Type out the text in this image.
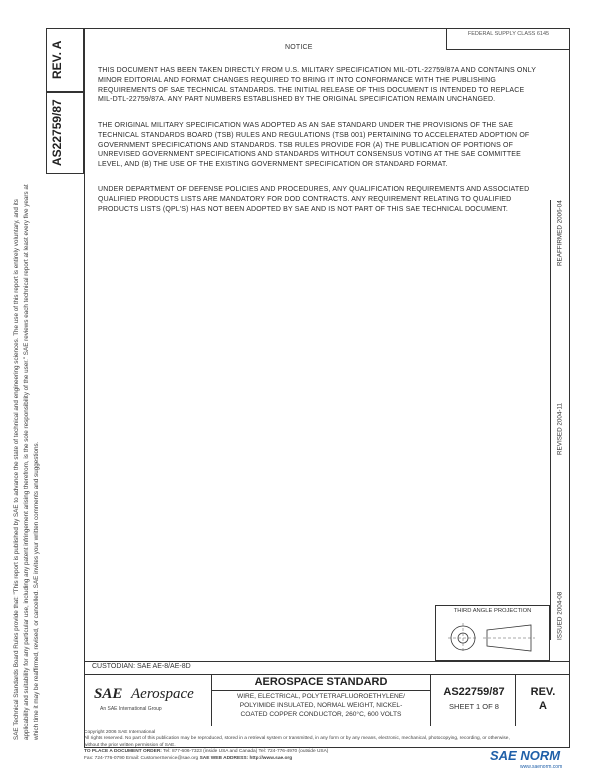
REV. A
AS22759/87
SAE Technical Standards Board Rules provide that: "This report is published by SAE to advance the state of technical and engineering sciences. The use of this report is entirely voluntary, and its applicability and suitability for any particular use, including any patent infringement arising therefrom, is the sole responsibility of the user." SAE reviews each technical report at least every five years at which time it may be reaffirmed, revised, or cancelled. SAE invites your written comments and suggestions.
FEDERAL SUPPLY CLASS 6145
NOTICE
THIS DOCUMENT HAS BEEN TAKEN DIRECTLY FROM U.S. MILITARY SPECIFICATION MIL-DTL-22759/87A AND CONTAINS ONLY MINOR EDITORIAL AND FORMAT CHANGES REQUIRED TO BRING IT INTO CONFORMANCE WITH THE PUBLISHING REQUIREMENTS OF SAE TECHNICAL STANDARDS. THE INITIAL RELEASE OF THIS DOCUMENT IS INTENDED TO REPLACE MIL-DTL-22759/87A. ANY PART NUMBERS ESTABLISHED BY THE ORIGINAL SPECIFICATION REMAIN UNCHANGED.
THE ORIGINAL MILITARY SPECIFICATION WAS ADOPTED AS AN SAE STANDARD UNDER THE PROVISIONS OF THE SAE TECHNICAL STANDARDS BOARD (TSB) RULES AND REGULATIONS (TSB 001) PERTAINING TO ACCELERATED ADOPTION OF GOVERNMENT SPECIFICATIONS AND STANDARDS. TSB RULES PROVIDE FOR (A) THE PUBLICATION OF PORTIONS OF UNREVISED GOVERNMENT SPECIFICATIONS AND STANDARDS WITHOUT CONSENSUS VOTING AT THE SAE COMMITTEE LEVEL, AND (B) THE USE OF THE EXISTING GOVERNMENT SPECIFICATION OR STANDARD FORMAT.
UNDER DEPARTMENT OF DEFENSE POLICIES AND PROCEDURES, ANY QUALIFICATION REQUIREMENTS AND ASSOCIATED QUALIFIED PRODUCTS LISTS ARE MANDATORY FOR DOD CONTRACTS. ANY REQUIREMENT RELATING TO QUALIFIED PRODUCTS LISTS (QPL'S) HAS NOT BEEN ADOPTED BY SAE AND IS NOT PART OF THIS SAE TECHNICAL DOCUMENT.
ISSUED 2004-08
REVISED 2004-11
REAFFIRMED 2006-04
THIRD ANGLE PROJECTION
CUSTODIAN: SAE AE-8/AE-8D
SAE Aerospace
An SAE International Group
AEROSPACE STANDARD
WIRE, ELECTRICAL, POLYTETRAFLUOROETHYLENE/
POLYIMIDE INSULATED, NORMAL WEIGHT, NICKEL-
COATED COPPER CONDUCTOR, 260°C, 600 VOLTS
AS22759/87
SHEET 1 OF 8
REV.
A
Copyright 2006 SAE International
All rights reserved. No part of this publication may be reproduced, stored in a retrieval system or transmitted, in any form or by any means, electronic, mechanical, photocopying, recording, or otherwise, without the prior written permission of SAE.
TO PLACE A DOCUMENT ORDER: Tel: 877-606-7323 (inside USA and Canada) Tel: 724-776-4970 (outside USA)
Fax: 724-776-0790 Email: CustomerService@sae.org SAE WEB ADDRESS: http://www.sae.org	SAE NORM
www.saenorm.com
